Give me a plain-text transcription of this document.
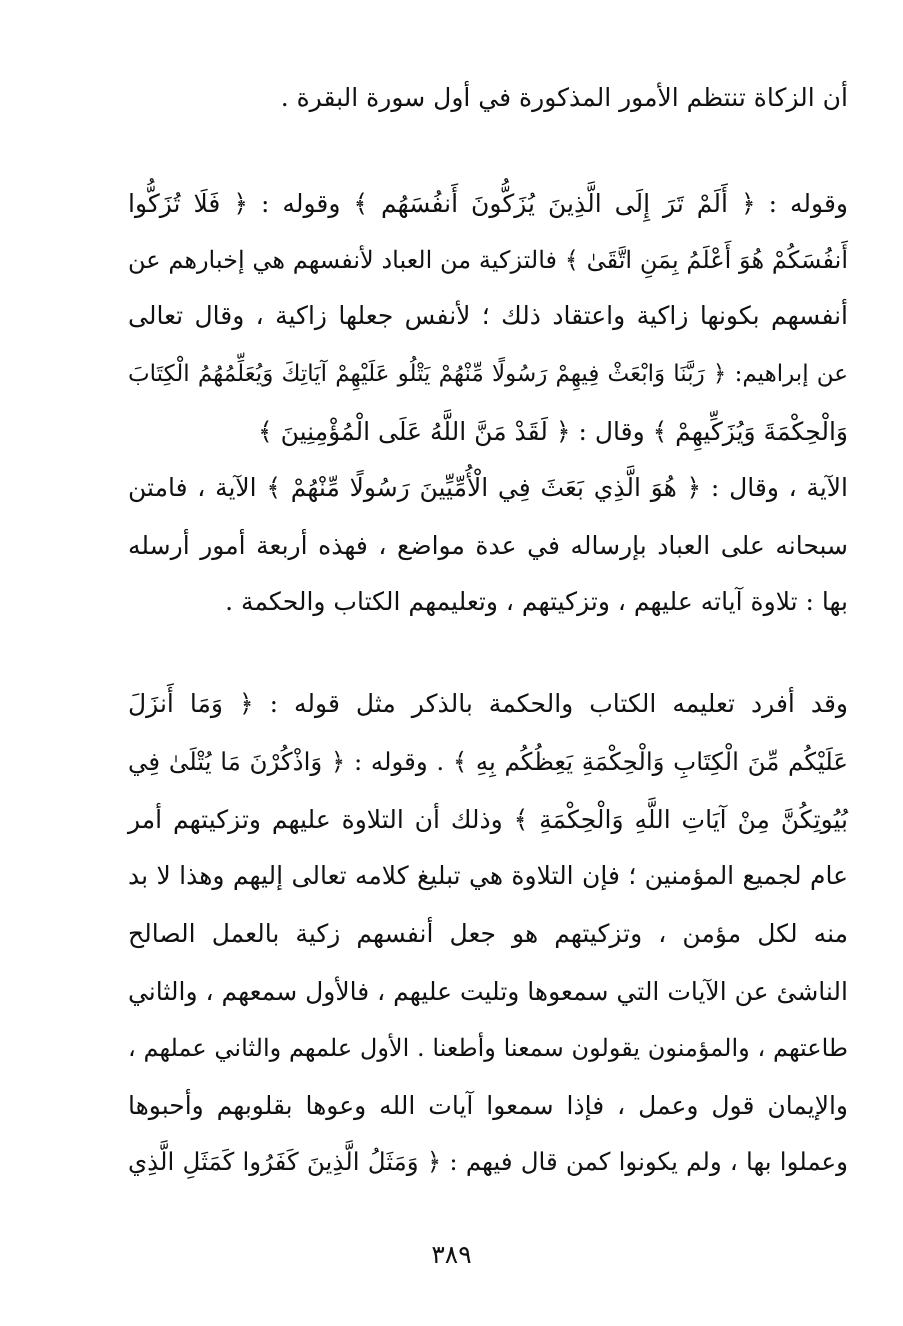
أن الزكاة تنتظم الأمور المذكورة في أول سورة البقرة .
وقوله : ﴿ أَلَمْ تَرَ إِلَى الَّذِينَ يُزَكُّونَ أَنفُسَهُم ﴾ وقوله : ﴿ فَلَا تُزَكُّوا
أَنفُسَكُمْ هُوَ أَعْلَمُ بِمَنِ اتَّقَىٰ ﴾ فالتزكية من العباد لأنفسهم هي إخبارهم عن
أنفسهم بكونها زاكية واعتقاد ذلك ؛ لأنفس جعلها زاكية ، وقال تعالى
عن إبراهيم: ﴿ رَبَّنَا وَابْعَثْ فِيهِمْ رَسُولًا مِّنْهُمْ يَتْلُو عَلَيْهِمْ آيَاتِكَ وَيُعَلِّمُهُمُ الْكِتَابَ
وَالْحِكْمَةَ وَيُزَكِّيهِمْ ﴾ وقال : ﴿ لَقَدْ مَنَّ اللَّهُ عَلَى الْمُؤْمِنِينَ ﴾
الآية ، وقال : ﴿ هُوَ الَّذِي بَعَثَ فِي الْأُمِّيِّينَ رَسُولًا مِّنْهُمْ ﴾ الآية ، فامتن
سبحانه على العباد بإرساله في عدة مواضع ، فهذه أربعة أمور أرسله
بها : تلاوة آياته عليهم ، وتزكيتهم ، وتعليمهم الكتاب والحكمة .
وقد أفرد تعليمه الكتاب والحكمة بالذكر مثل قوله : ﴿ وَمَا أَنزَلَ
عَلَيْكُم مِّنَ الْكِتَابِ وَالْحِكْمَةِ يَعِظُكُم بِهِ ﴾ . وقوله : ﴿ وَاذْكُرْنَ مَا يُتْلَىٰ فِي
بُيُوتِكُنَّ مِنْ آيَاتِ اللَّهِ وَالْحِكْمَةِ ﴾ وذلك أن التلاوة عليهم وتزكيتهم أمر
عام لجميع المؤمنين ؛ فإن التلاوة هي تبليغ كلامه تعالى إليهم وهذا لا بد
منه لكل مؤمن ، وتزكيتهم هو جعل أنفسهم زكية بالعمل الصالح
الناشئ عن الآيات التي سمعوها وتليت عليهم ، فالأول سمعهم ، والثاني
طاعتهم ، والمؤمنون يقولون سمعنا وأطعنا . الأول علمهم والثاني عملهم ،
والإيمان قول وعمل ، فإذا سمعوا آيات الله وعوها بقلوبهم وأحبوها
وعملوا بها ، ولم يكونوا كمن قال فيهم : ﴿ وَمَثَلُ الَّذِينَ كَفَرُوا كَمَثَلِ الَّذِي
٣٨٩
